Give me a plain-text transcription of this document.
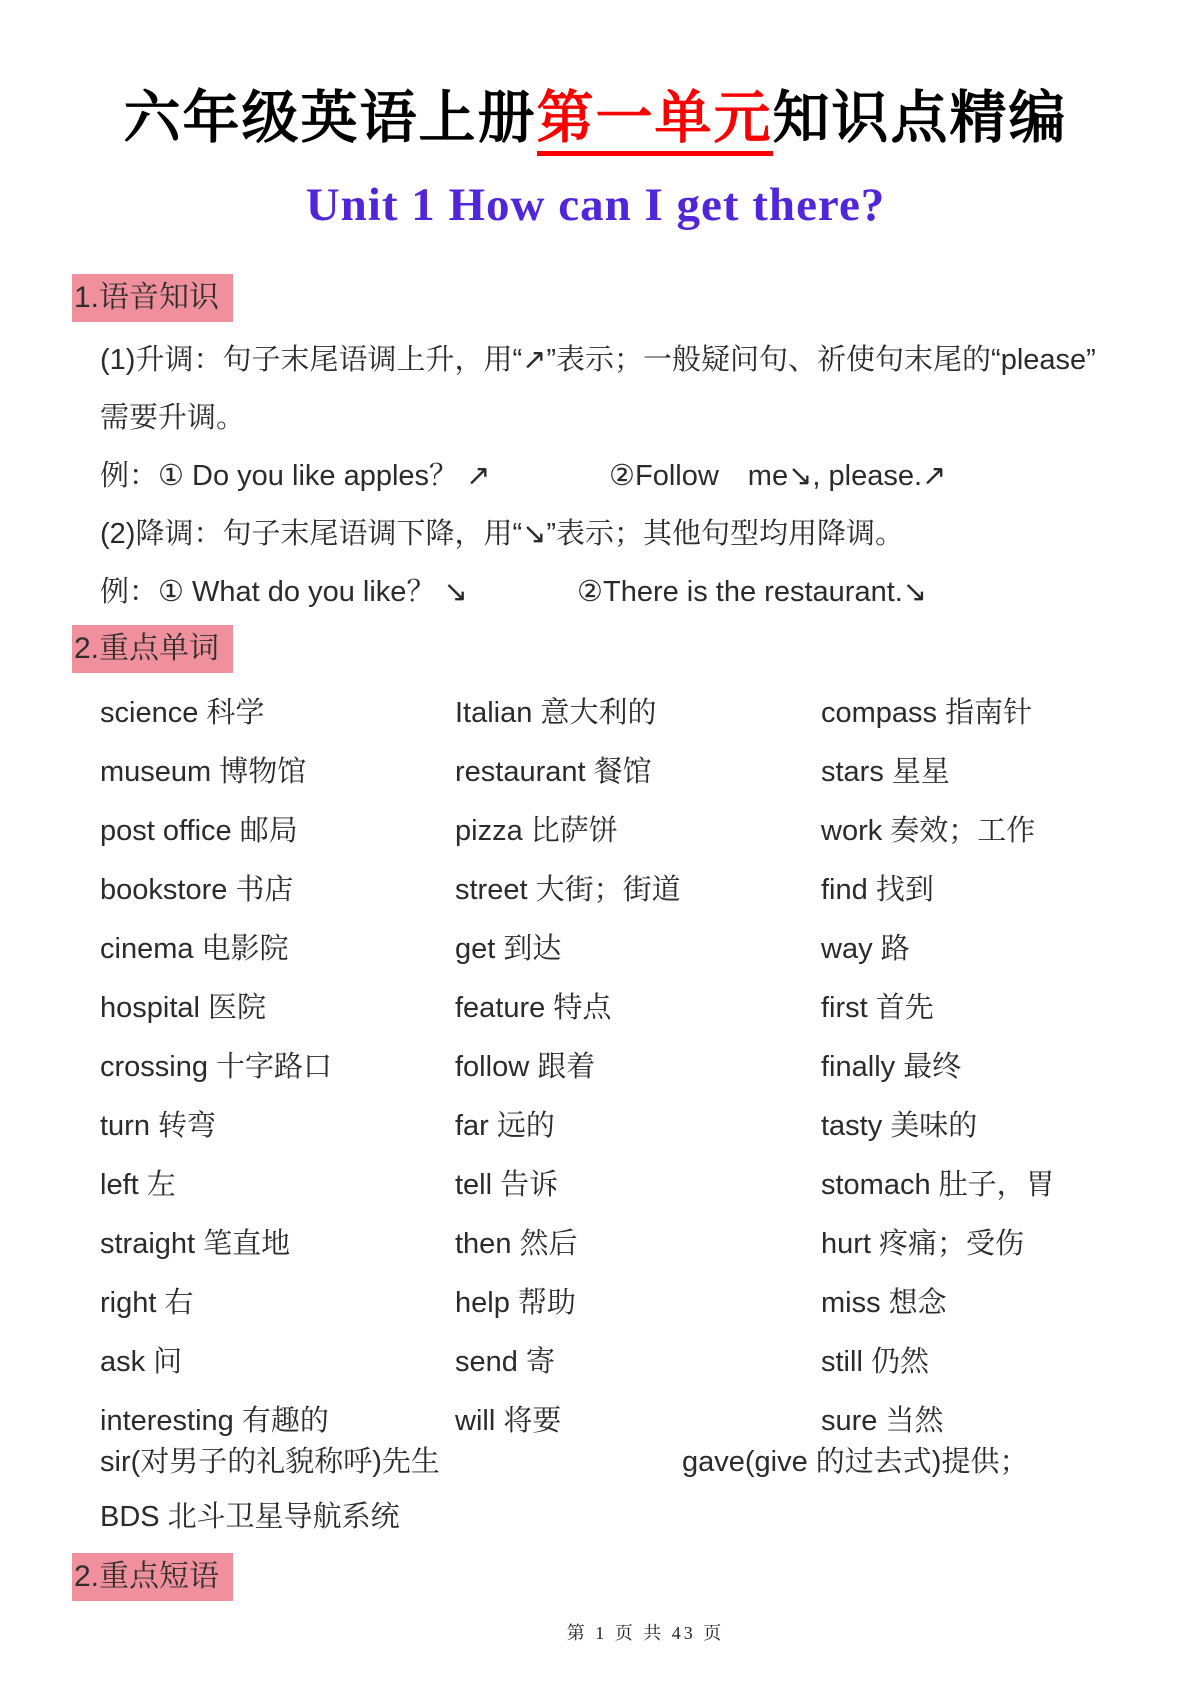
六年级英语上册第一单元知识点精编
Unit 1 How can I get there?
1.语音知识
(1)升调：句子末尾语调上升，用“↗”表示；一般疑问句、祈使句末尾的“please”
需要升调。
例：① Do you like apples？ ↗	②Follow　me↘, please.↗
(2)降调：句子末尾语调下降，用“↘”表示；其他句型均用降调。
例：① What do you like？ ↘	②There is the restaurant.↘
2.重点单词
science 科学	Italian 意大利的	compass 指南针
museum 博物馆	restaurant 餐馆	stars 星星
post office 邮局	pizza 比萨饼	work 奏效；工作
bookstore 书店	street 大街；街道	find 找到
cinema 电影院	get 到达	way 路
hospital 医院	feature 特点	first 首先
crossing 十字路口	follow 跟着	finally 最终
turn 转弯	far 远的	tasty 美味的
left 左	tell 告诉	stomach 肚子，胃
straight 笔直地	then 然后	hurt 疼痛；受伤
right 右	help 帮助	miss 想念
ask 问	send 寄	still 仍然
interesting 有趣的	will 将要	sure 当然
sir(对男子的礼貌称呼)先生	gave(give 的过去式)提供；
BDS 北斗卫星导航系统
2.重点短语
第 1 页 共 43 页
